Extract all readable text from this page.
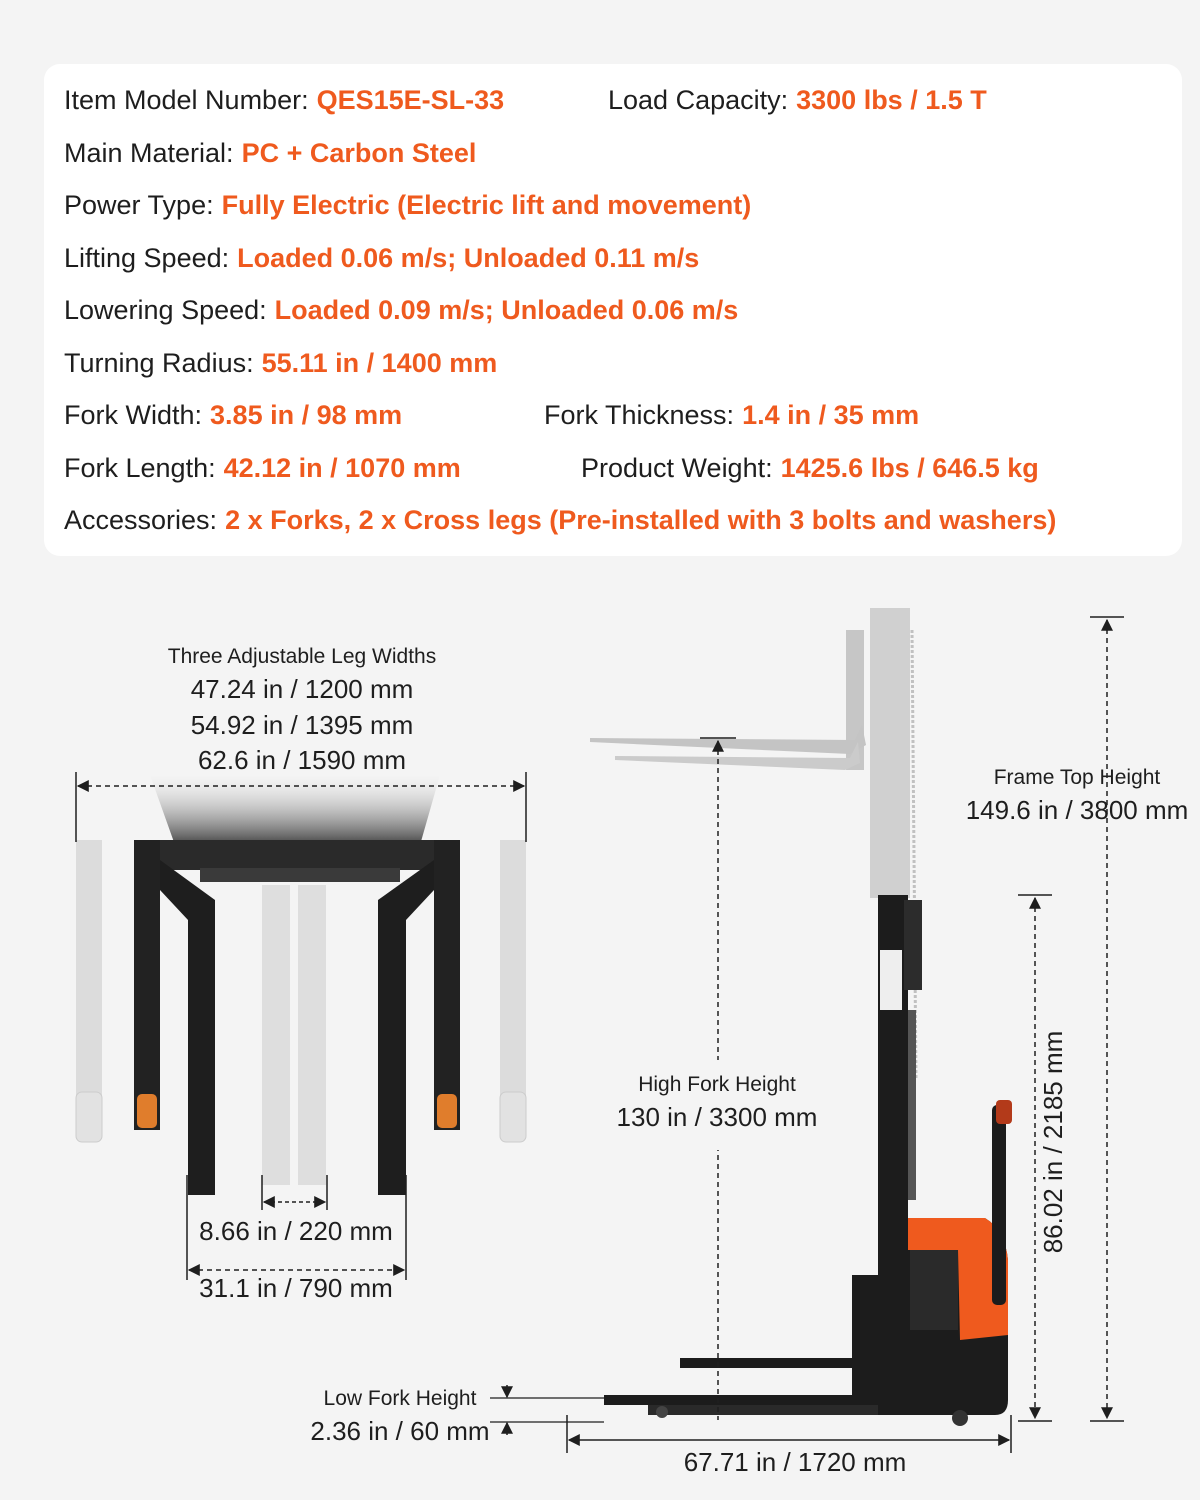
Item Model Number: QES15E-SL-33	Load Capacity: 3300 lbs / 1.5 T
Main Material: PC + Carbon Steel
Power Type: Fully Electric (Electric lift and movement)
Lifting Speed: Loaded 0.06 m/s; Unloaded 0.11 m/s
Lowering Speed: Loaded 0.09 m/s; Unloaded 0.06 m/s
Turning Radius: 55.11 in / 1400 mm
Fork Width: 3.85 in / 98 mm	Fork Thickness: 1.4 in / 35 mm
Fork Length: 42.12 in / 1070 mm	Product Weight: 1425.6 lbs / 646.5 kg
Accessories: 2 x Forks, 2 x Cross legs (Pre-installed with 3 bolts and washers)
Three Adjustable Leg Widths
47.24 in / 1200 mm
54.92 in / 1395 mm
62.6 in / 1590 mm
8.66 in / 220 mm
31.1 in / 790 mm
Frame Top Height
149.6 in / 3800 mm
86.02 in / 2185 mm
High Fork Height
130 in / 3300 mm
Low Fork Height
2.36 in / 60 mm
67.71 in / 1720 mm
